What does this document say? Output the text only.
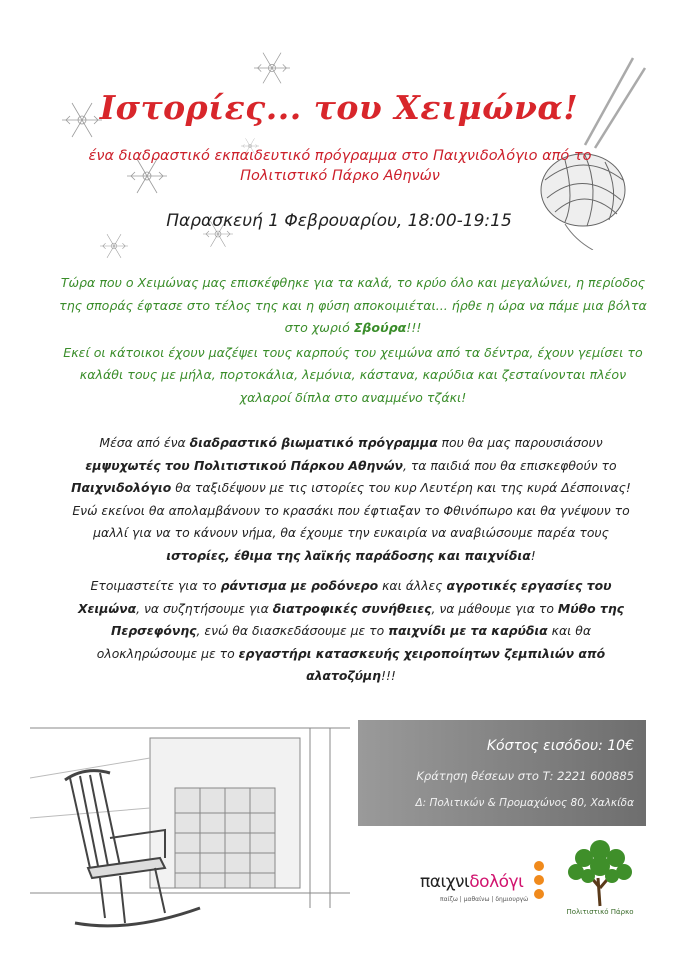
Ιστορίες... του Χειμώνα!
ένα διαδραστικό εκπαιδευτικό πρόγραμμα στο Παιχνιδολόγιο από το Πολιτιστικό Πάρκο Αθηνών
Παρασκευή 1 Φεβρουαρίου, 18:00-19:15

Τώρα που ο Χειμώνας μας επισκέφθηκε για τα καλά, το κρύο όλο και μεγαλώνει, η περίοδος της σποράς έφτασε στο τέλος της και η φύση αποκοιμιέται... ήρθε η ώρα να πάμε μια βόλτα στο χωριό Σβούρα!!!

Εκεί οι κάτοικοι έχουν μαζέψει τους καρπούς του χειμώνα από τα δέντρα, έχουν γεμίσει το καλάθι τους με μήλα, πορτοκάλια, λεμόνια, κάστανα, καρύδια και ζεσταίνονται πλέον χαλαροί δίπλα στο αναμμένο τζάκι!

Μέσα από ένα διαδραστικό βιωματικό πρόγραμμα που θα μας παρουσιάσουν εμψυχωτές του Πολιτιστικού Πάρκου Αθηνών, τα παιδιά που θα επισκεφθούν το Παιχνιδολόγιο θα ταξιδέψουν με τις ιστορίες του κυρ Λευτέρη και της κυρά Δέσποινας! Ενώ εκείνοι θα απολαμβάνουν το κρασάκι που έφτιαξαν το Φθινόπωρο και θα γνέψουν το μαλλί για να το κάνουν νήμα, θα έχουμε την ευκαιρία να αναβιώσουμε παρέα τους ιστορίες, έθιμα της λαϊκής παράδοσης και παιχνίδια!

Ετοιμαστείτε για το ράντισμα με ροδόνερο και άλλες αγροτικές εργασίες του Χειμώνα, να συζητήσουμε για διατροφικές συνήθειες, να μάθουμε για το Μύθο της Περσεφόνης, ενώ θα διασκεδάσουμε με το παιχνίδι με τα καρύδια και θα ολοκληρώσουμε με το εργαστήρι κατασκευής χειροποίητων ζεμπιλιών από αλατοζύμη!!!

Κόστος εισόδου: 10€
Κράτηση θέσεων στο Τ: 2221 600885
Δ: Πολιτικών & Προμαχώνος 80, Χαλκίδα
παιχνιδολόγι
παίζω | μαθαίνω | δημιουργώ
Πολιτιστικό Πάρκο
